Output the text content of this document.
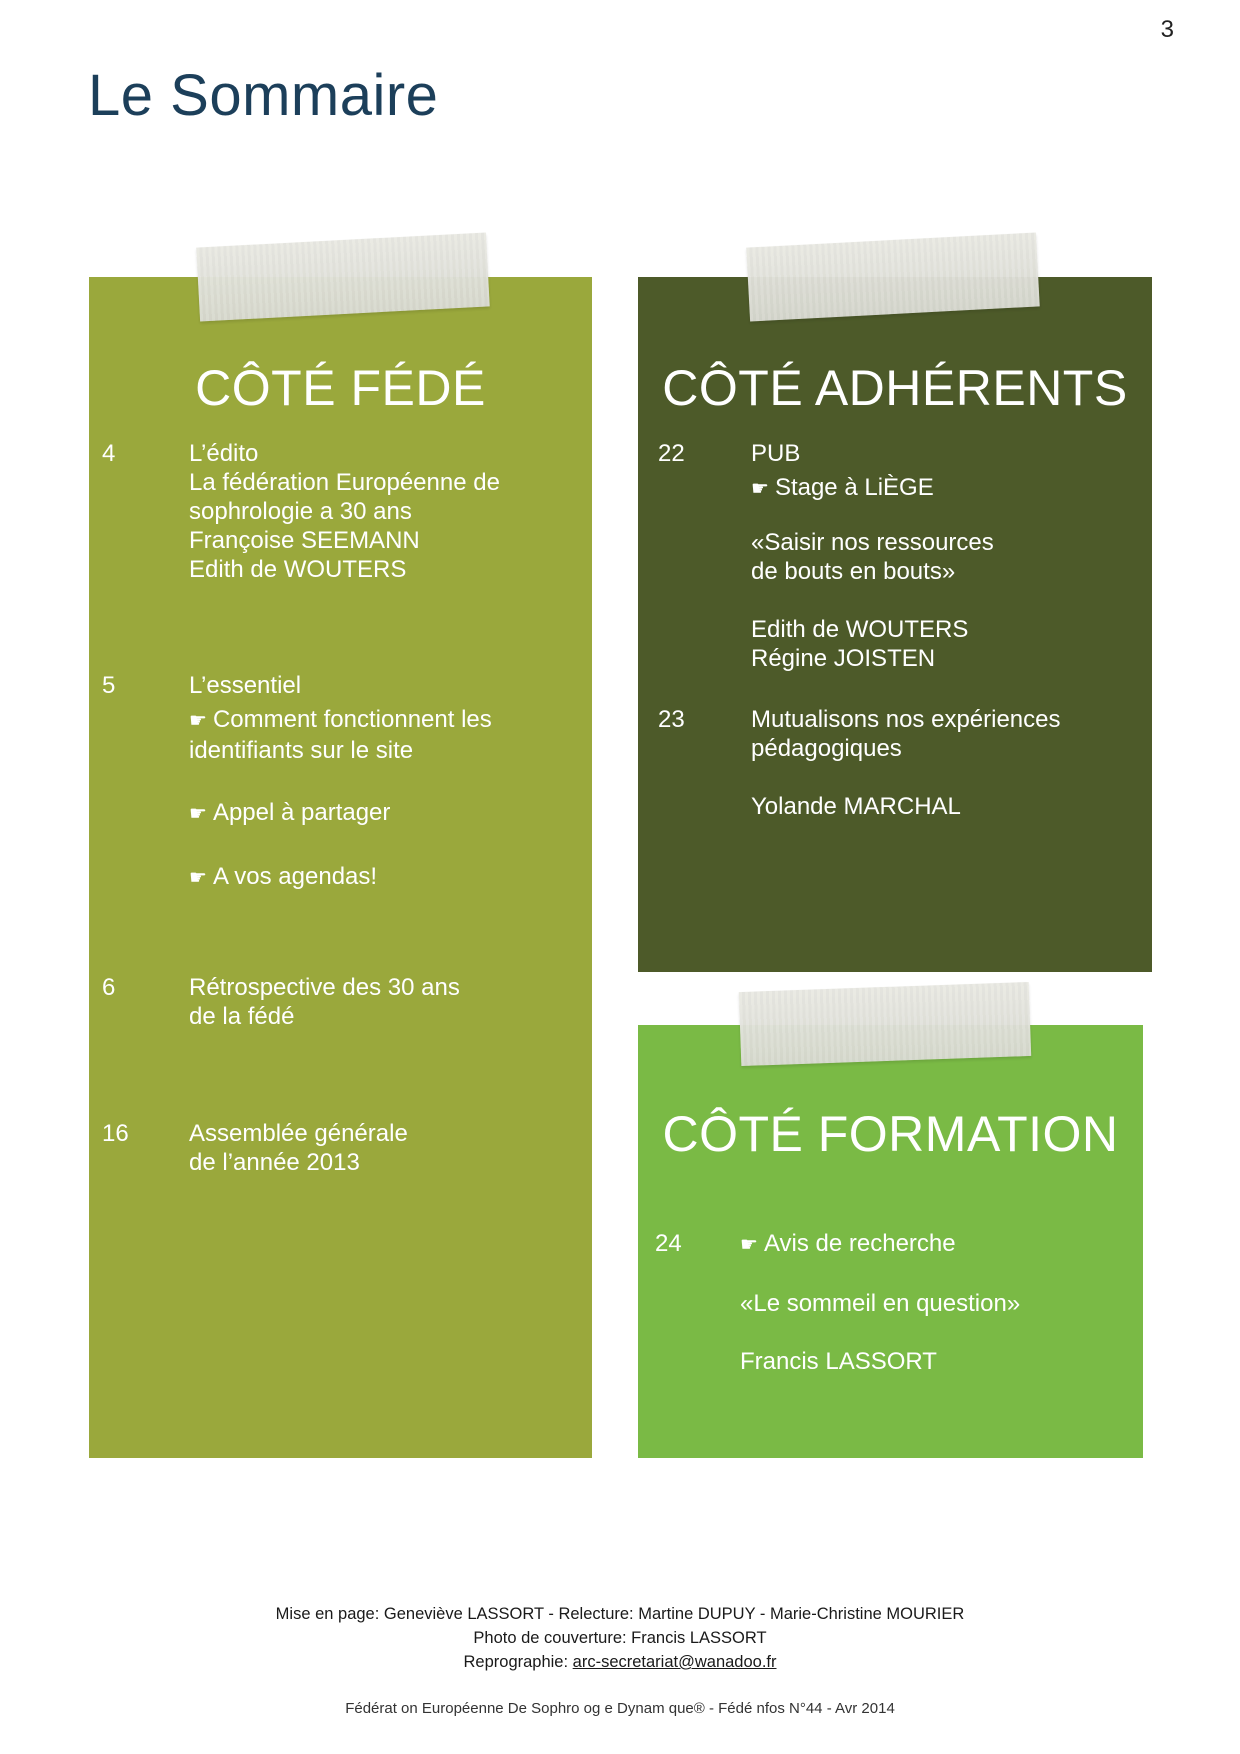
3
Le Sommaire
CÔTÉ FÉDÉ
4	L’édito
La fédération Européenne de
sophrologie a 30 ans
Françoise SEEMANN
Edith de WOUTERS
5	L’essentiel
☛ Comment fonctionnent les
identifiants sur le site
☛ Appel à partager
☛ A vos agendas!
6	Rétrospective des 30 ans
de la fédé
16	Assemblée générale
de l’année 2013
CÔTÉ ADHÉRENTS
22	PUB
☛ Stage à LiÈGE
«Saisir nos ressources
de bouts en bouts»
Edith de WOUTERS
Régine JOISTEN
23	Mutualisons nos expériences
pédagogiques
Yolande MARCHAL
CÔTÉ FORMATION
24	☛ Avis de recherche
«Le sommeil en question»
Francis LASSORT
Mise en page: Geneviève LASSORT - Relecture: Martine DUPUY - Marie-Christine MOURIER
Photo de couverture: Francis LASSORT
Reprographie: arc-secretariat@wanadoo.fr
Fédérat on Européenne De Sophro og e Dynam que® - Fédé nfos N°44 - Avr 2014
